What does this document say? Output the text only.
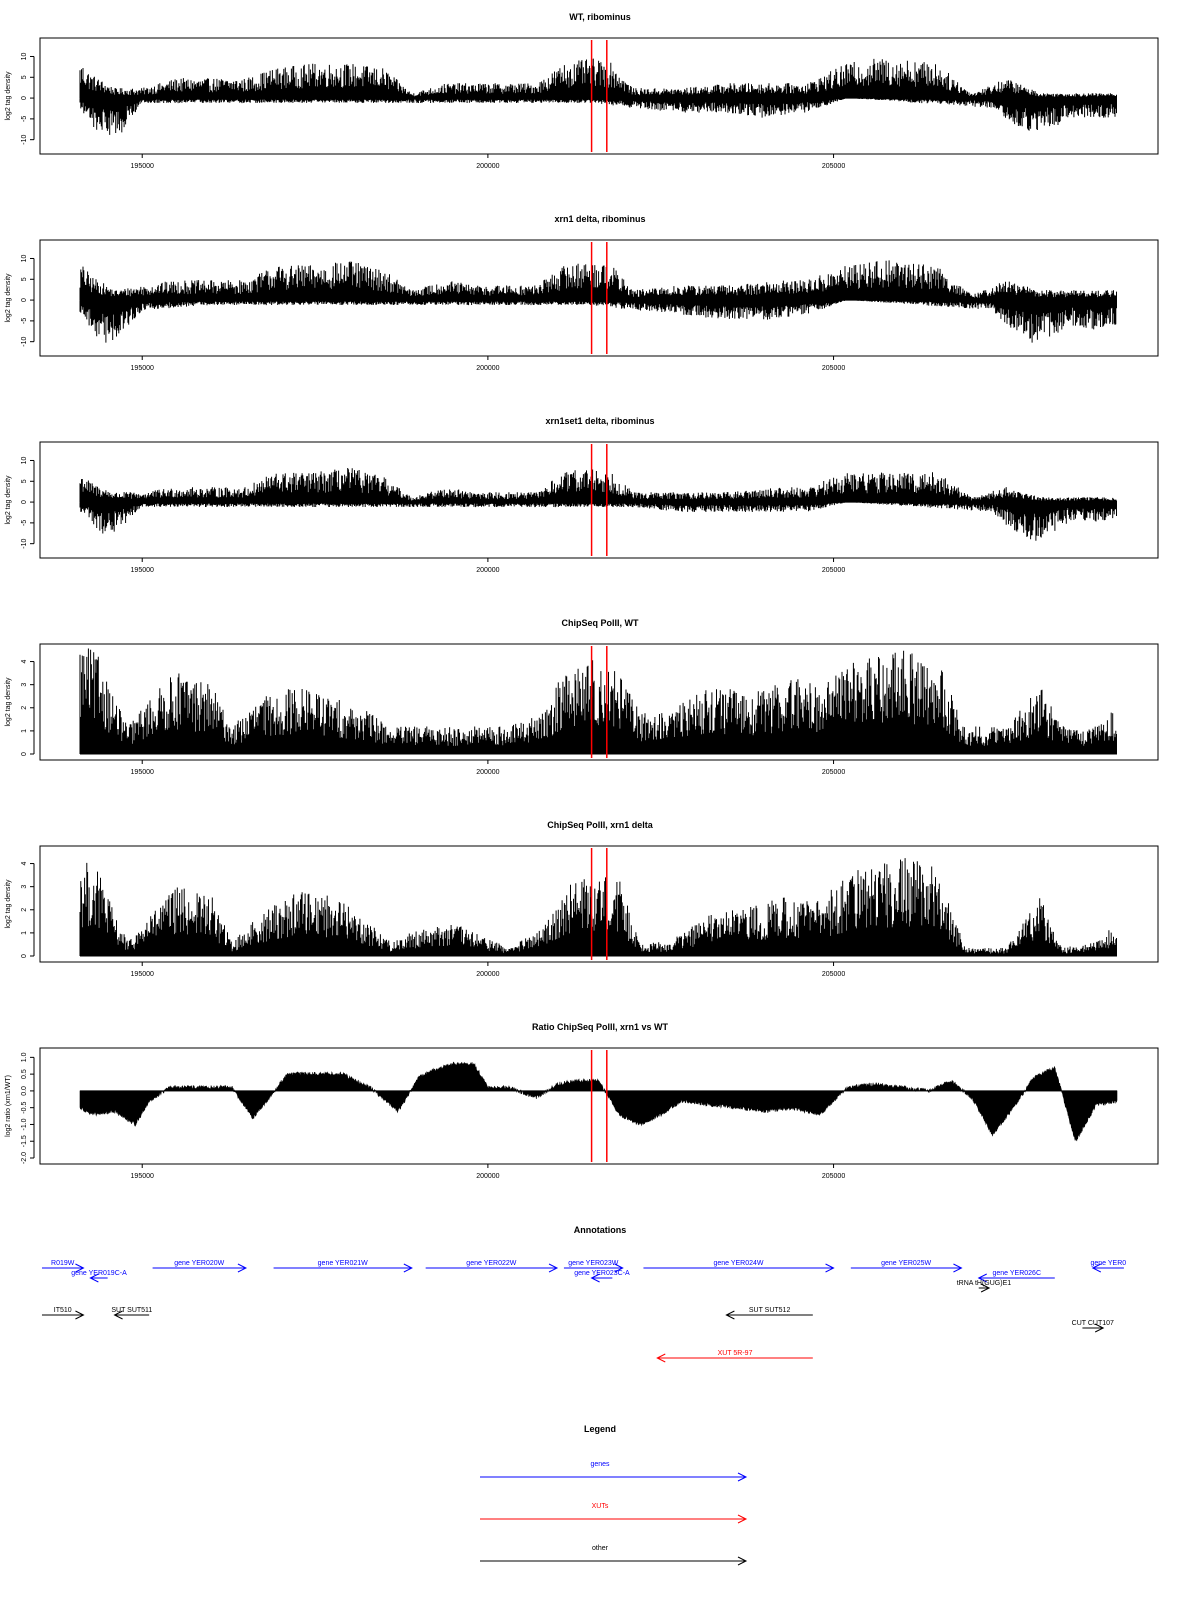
WT, ribominus
10
5
0
-5
-10
log2 tag density
195000	200000	205000
xrn1 delta, ribominus
10
5
0
-5
-10
log2 tag density
195000	200000	205000
xrn1set1 delta, ribominus
10
5
0
-5
-10
log2 tag density
195000	200000	205000
ChipSeq PolII, WT
0
1
2
3
4
log2 tag density
195000	200000	205000
ChipSeq PolII, xrn1 delta
0
1
2
3
4
log2 tag density
195000	200000	205000
Ratio ChipSeq PolII, xrn1 vs WT
1.0
0.5
0.0
-0.5
-1.0
-1.5
-2.0
log2 ratio (xrn1/WT)
195000	200000	205000
Annotations
R019W
gene YER019C-A
gene YER020W	gene YER021W	gene YER022W	gene YER023W
gene YER023C-A
gene YER024W	gene YER025W
gene YER026C
tRNA tH(GUG)E1
gene YER0
IT510	SUT SUT511	SUT SUT512
CUT CUT107
XUT 5R-97
Legend
genes
XUTs
other
